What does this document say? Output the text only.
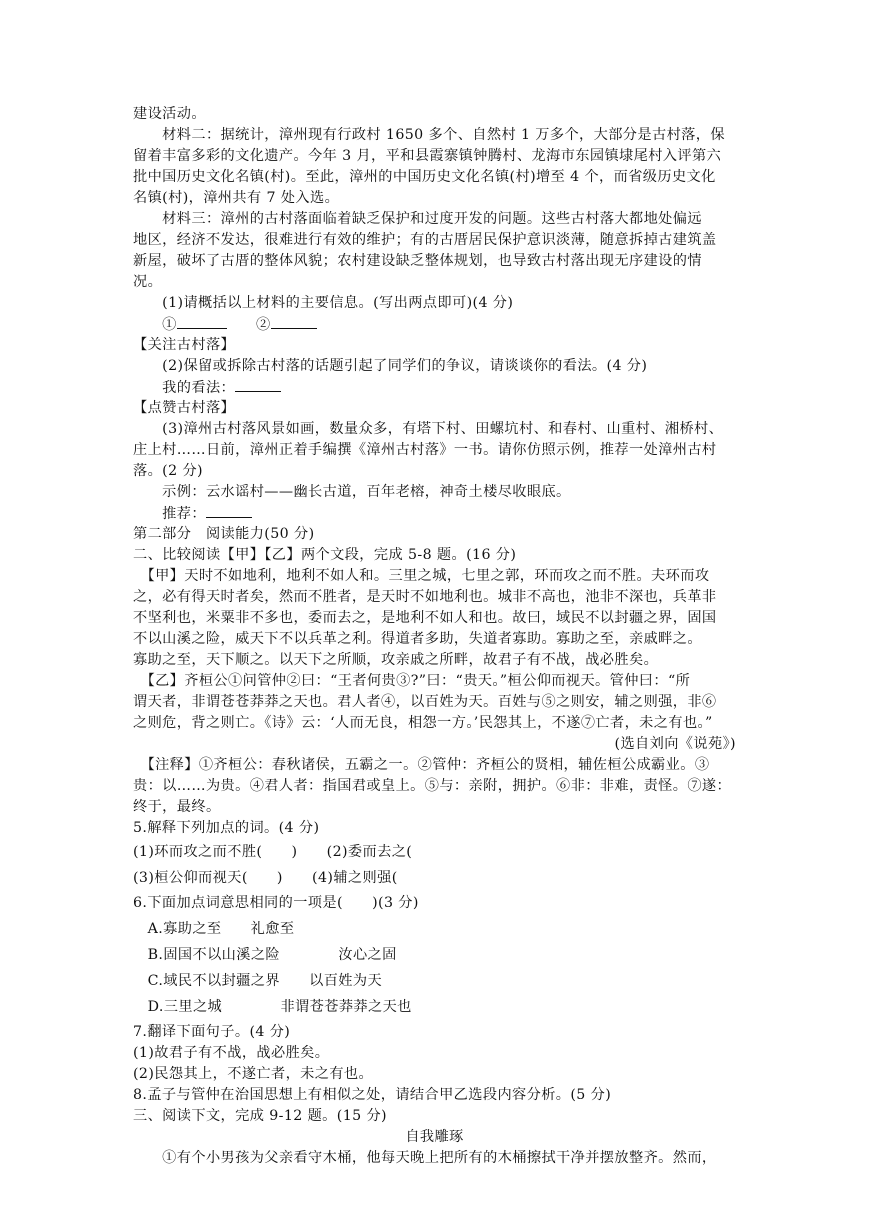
建设活动。
　　材料二：据统计，漳州现有行政村 1650 多个、自然村 1 万多个，大部分是古村落，保
留着丰富多彩的文化遗产。今年 3 月，平和县霞寨镇钟腾村、龙海市东园镇埭尾村入评第六
批中国历史文化名镇(村)。至此，漳州的中国历史文化名镇(村)增至 4 个，而省级历史文化
名镇(村)，漳州共有 7 处入选。
　　材料三：漳州的古村落面临着缺乏保护和过度开发的问题。这些古村落大都地处偏远
地区，经济不发达，很难进行有效的维护；有的古厝居民保护意识淡薄，随意拆掉古建筑盖
新屋，破坏了古厝的整体风貌；农村建设缺乏整体规划，也导致古村落出现无序建设的情
况。
　　(1)请概括以上材料的主要信息。(写出两点即可)(4 分)
　　①	　　②
【关注古村落】
　　(2)保留或拆除古村落的话题引起了同学们的争议，请谈谈你的看法。(4 分)
　　我的看法：
【点赞古村落】
　　(3)漳州古村落风景如画，数量众多，有塔下村、田螺坑村、和春村、山重村、湘桥村、
庄上村……日前，漳州正着手编撰《漳州古村落》一书。请你仿照示例，推荐一处漳州古村
落。(2 分)
　　示例：云水谣村——幽长古道，百年老榕，神奇土楼尽收眼底。
　　推荐：
第二部分　阅读能力(50 分)
二、比较阅读【甲】【乙】两个文段，完成 5-8 题。(16 分)
　【甲】天时不如地利，地利不如人和。三里之城，七里之郭，环而攻之而不胜。夫环而攻
之，必有得天时者矣，然而不胜者，是天时不如地利也。城非不高也，池非不深也，兵革非
不坚利也，米粟非不多也，委而去之，是地利不如人和也。故曰，域民不以封疆之界，固国
不以山溪之险，威天下不以兵革之利。得道者多助，失道者寡助。寡助之至，亲戚畔之。
寡助之至，天下顺之。以天下之所顺，攻亲戚之所畔，故君子有不战，战必胜矣。
　【乙】齐桓公①问管仲②曰：“王者何贵③?”曰：“贵天。”桓公仰而视天。管仲曰：“所
谓天者，非谓苍苍莽莽之天也。君人者④，以百姓为天。百姓与⑤之则安，辅之则强，非⑥
之则危，背之则亡。《诗》云：‘人而无良，相怨一方。’民怨其上，不遂⑦亡者，未之有也。”
(选自刘向《说苑》)
　【注释】①齐桓公：春秋诸侯，五霸之一。②管仲：齐桓公的贤相，辅佐桓公成霸业。③
贵：以……为贵。④君人者：指国君或皇上。⑤与：亲附，拥护。⑥非：非难，责怪。⑦遂：
终于，最终。
5.解释下列加点的词。(4 分)
(1)环而攻之而不胜(　　)　　(2)委而去之(
(3)桓公仰而视天(　　)　　(4)辅之则强(
6.下面加点词意思相同的一项是(　　)(3 分)
　A.寡助之至　　礼愈至
　B.固国不以山溪之险　　　　汝心之固
　C.域民不以封疆之界　　以百姓为天
　D.三里之城　　　　非谓苍苍莽莽之天也
7.翻译下面句子。(4 分)
(1)故君子有不战，战必胜矣。
(2)民怨其上，不遂亡者，未之有也。
8.孟子与管仲在治国思想上有相似之处，请结合甲乙选段内容分析。(5 分)
三、阅读下文，完成 9-12 题。(15 分)
自我雕琢
　　①有个小男孩为父亲看守木桶，他每天晚上把所有的木桶擦拭干净并摆放整齐。然而，
